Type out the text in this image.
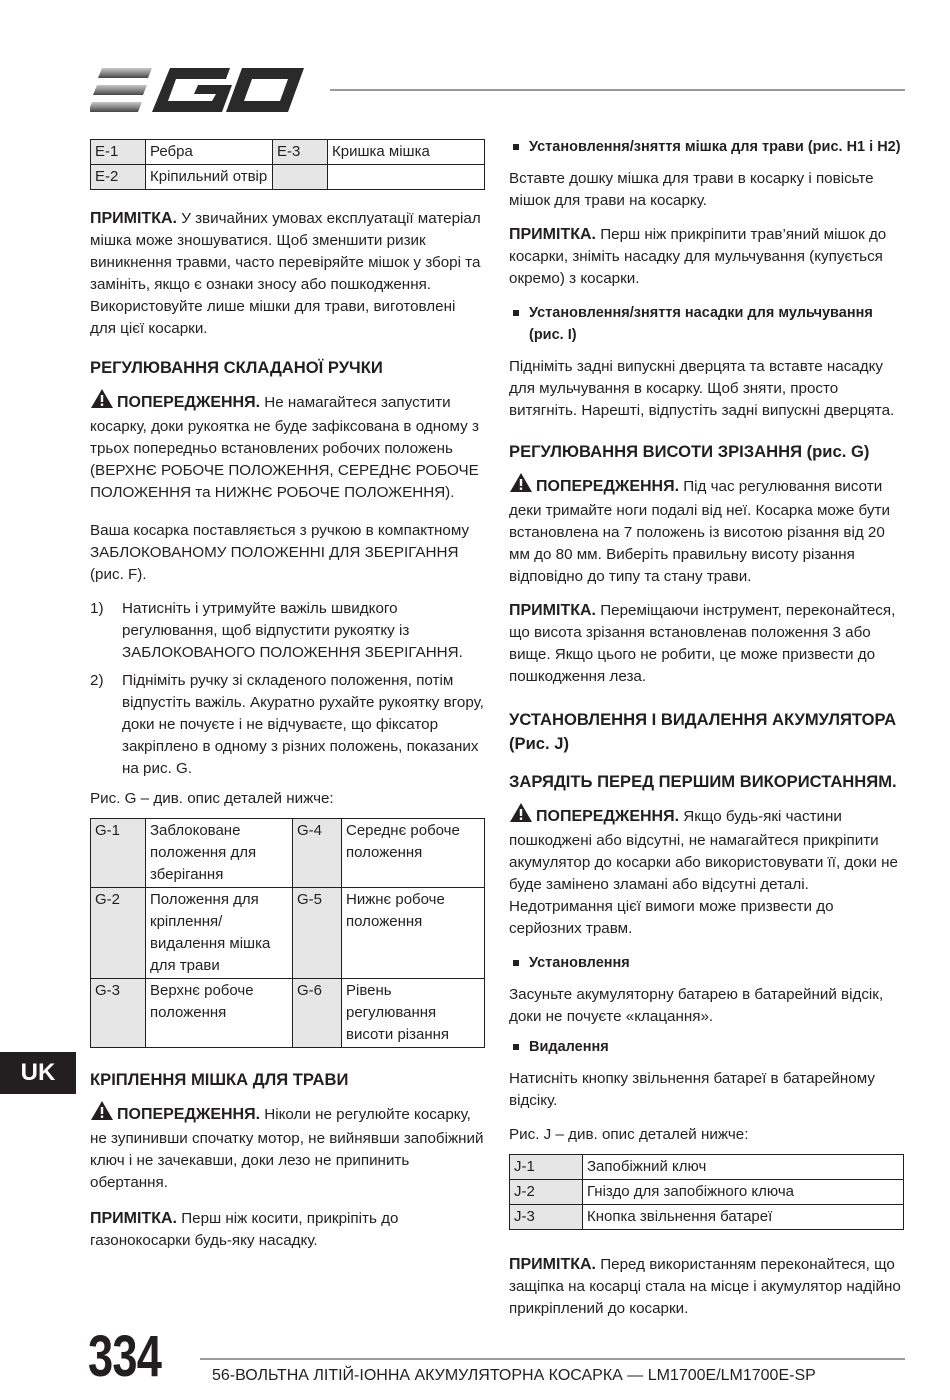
E-1	Ребра	E-3	Кришка мішка
E-2	Кріпильний отвір		

ПРИМІТКА. У звичайних умовах експлуатації матеріал мішка може зношуватися. Щоб зменшити ризик виникнення травми, часто перевіряйте мішок у зборі та замініть, якщо є ознаки зносу або пошкодження. Використовуйте лише мішки для трави, виготовлені для цієї косарки.

РЕГУЛЮВАННЯ СКЛАДАНОЇ РУЧКИ

ПОПЕРЕДЖЕННЯ. Не намагайтеся запустити косарку, доки рукоятка не буде зафіксована в одному з трьох попередньо встановлених робочих положень (ВЕРХНЄ РОБОЧЕ ПОЛОЖЕННЯ, СЕРЕДНЄ РОБОЧЕ ПОЛОЖЕННЯ та НИЖНЄ РОБОЧЕ ПОЛОЖЕННЯ).

Ваша косарка поставляється з ручкою в компактному ЗАБЛОКОВАНОМУ ПОЛОЖЕННІ ДЛЯ ЗБЕРІГАННЯ (рис. F).

1) Натисніть і утримуйте важіль швидкого регулювання, щоб відпустити рукоятку із ЗАБЛОКОВАНОГО ПОЛОЖЕННЯ ЗБЕРІГАННЯ.
2) Підніміть ручку зі складеного положення, потім відпустіть важіль. Акуратно рухайте рукоятку вгору, доки не почуєте і не відчуваєте, що фіксатор закріплено в одному з різних положень, показаних на рис. G.

Рис. G – див. опис деталей нижче:

G-1	Заблоковане положення для зберігання	G-4	Середнє робоче положення
G-2	Положення для кріплення/ видалення мішка для трави	G-5	Нижнє робоче положення
G-3	Верхнє робоче положення	G-6	Рівень регулювання висоти різання
КРІПЛЕННЯ МІШКА ДЛЯ ТРАВИ

ПОПЕРЕДЖЕННЯ. Ніколи не регулюйте косарку, не зупинивши спочатку мотор, не вийнявши запобіжний ключ і не зачекавши, доки лезо не припинить обертання.

ПРИМІТКА. Перш ніж косити, прикріпіть до газонокосарки будь-яку насадку.

Установлення/зняття мішка для трави (рис. H1 і H2)

Вставте дошку мішка для трави в косарку і повісьте мішок для трави на косарку.

ПРИМІТКА. Перш ніж прикріпити трав’яний мішок до косарки, зніміть насадку для мульчування (купується окремо) з косарки.

Установлення/зняття насадки для мульчування (рис. I)

Підніміть задні випускні дверцята та вставте насадку для мульчування в косарку. Щоб зняти, просто витягніть. Нарешті, відпустіть задні випускні дверцята.

РЕГУЛЮВАННЯ ВИСОТИ ЗРІЗАННЯ (рис. G)

ПОПЕРЕДЖЕННЯ. Під час регулювання висоти деки тримайте ноги подалі від неї. Косарка може бути встановлена на 7 положень із висотою різання від 20 мм до 80 мм. Виберіть правильну висоту різання відповідно до типу та стану трави.

ПРИМІТКА. Переміщаючи інструмент, переконайтеся, що висота зрізання встановленав положення 3 або вище. Якщо цього не робити, це може призвести до пошкодження леза.

УСТАНОВЛЕННЯ І ВИДАЛЕННЯ АКУМУЛЯТОРА (Рис. J)
ЗАРЯДІТЬ ПЕРЕД ПЕРШИМ ВИКОРИСТАННЯМ.

ПОПЕРЕДЖЕННЯ. Якщо будь-які частини пошкоджені або відсутні, не намагайтеся прикріпити акумулятор до косарки або використовувати її, доки не буде замінено зламані або відсутні деталі. Недотримання цієї вимоги може призвести до серйозних травм.

Установлення

Засуньте акумуляторну батарею в батарейний відсік, доки не почуєте «клацання».

Видалення

Натисніть кнопку звільнення батареї в батарейному відсіку.

Рис. J – див. опис деталей нижче:

J-1	Запобіжний ключ
J-2	Гніздо для запобіжного ключа
J-3	Кнопка звільнення батареї

ПРИМІТКА. Перед використанням переконайтеся, що защіпка на косарці стала на місце і акумулятор надійно прикріплений до косарки.

UK
334	56-ВОЛЬТНА ЛІТІЙ-ІОННА АКУМУЛЯТОРНА КОСАРКА — LM1700E/LM1700E-SP
